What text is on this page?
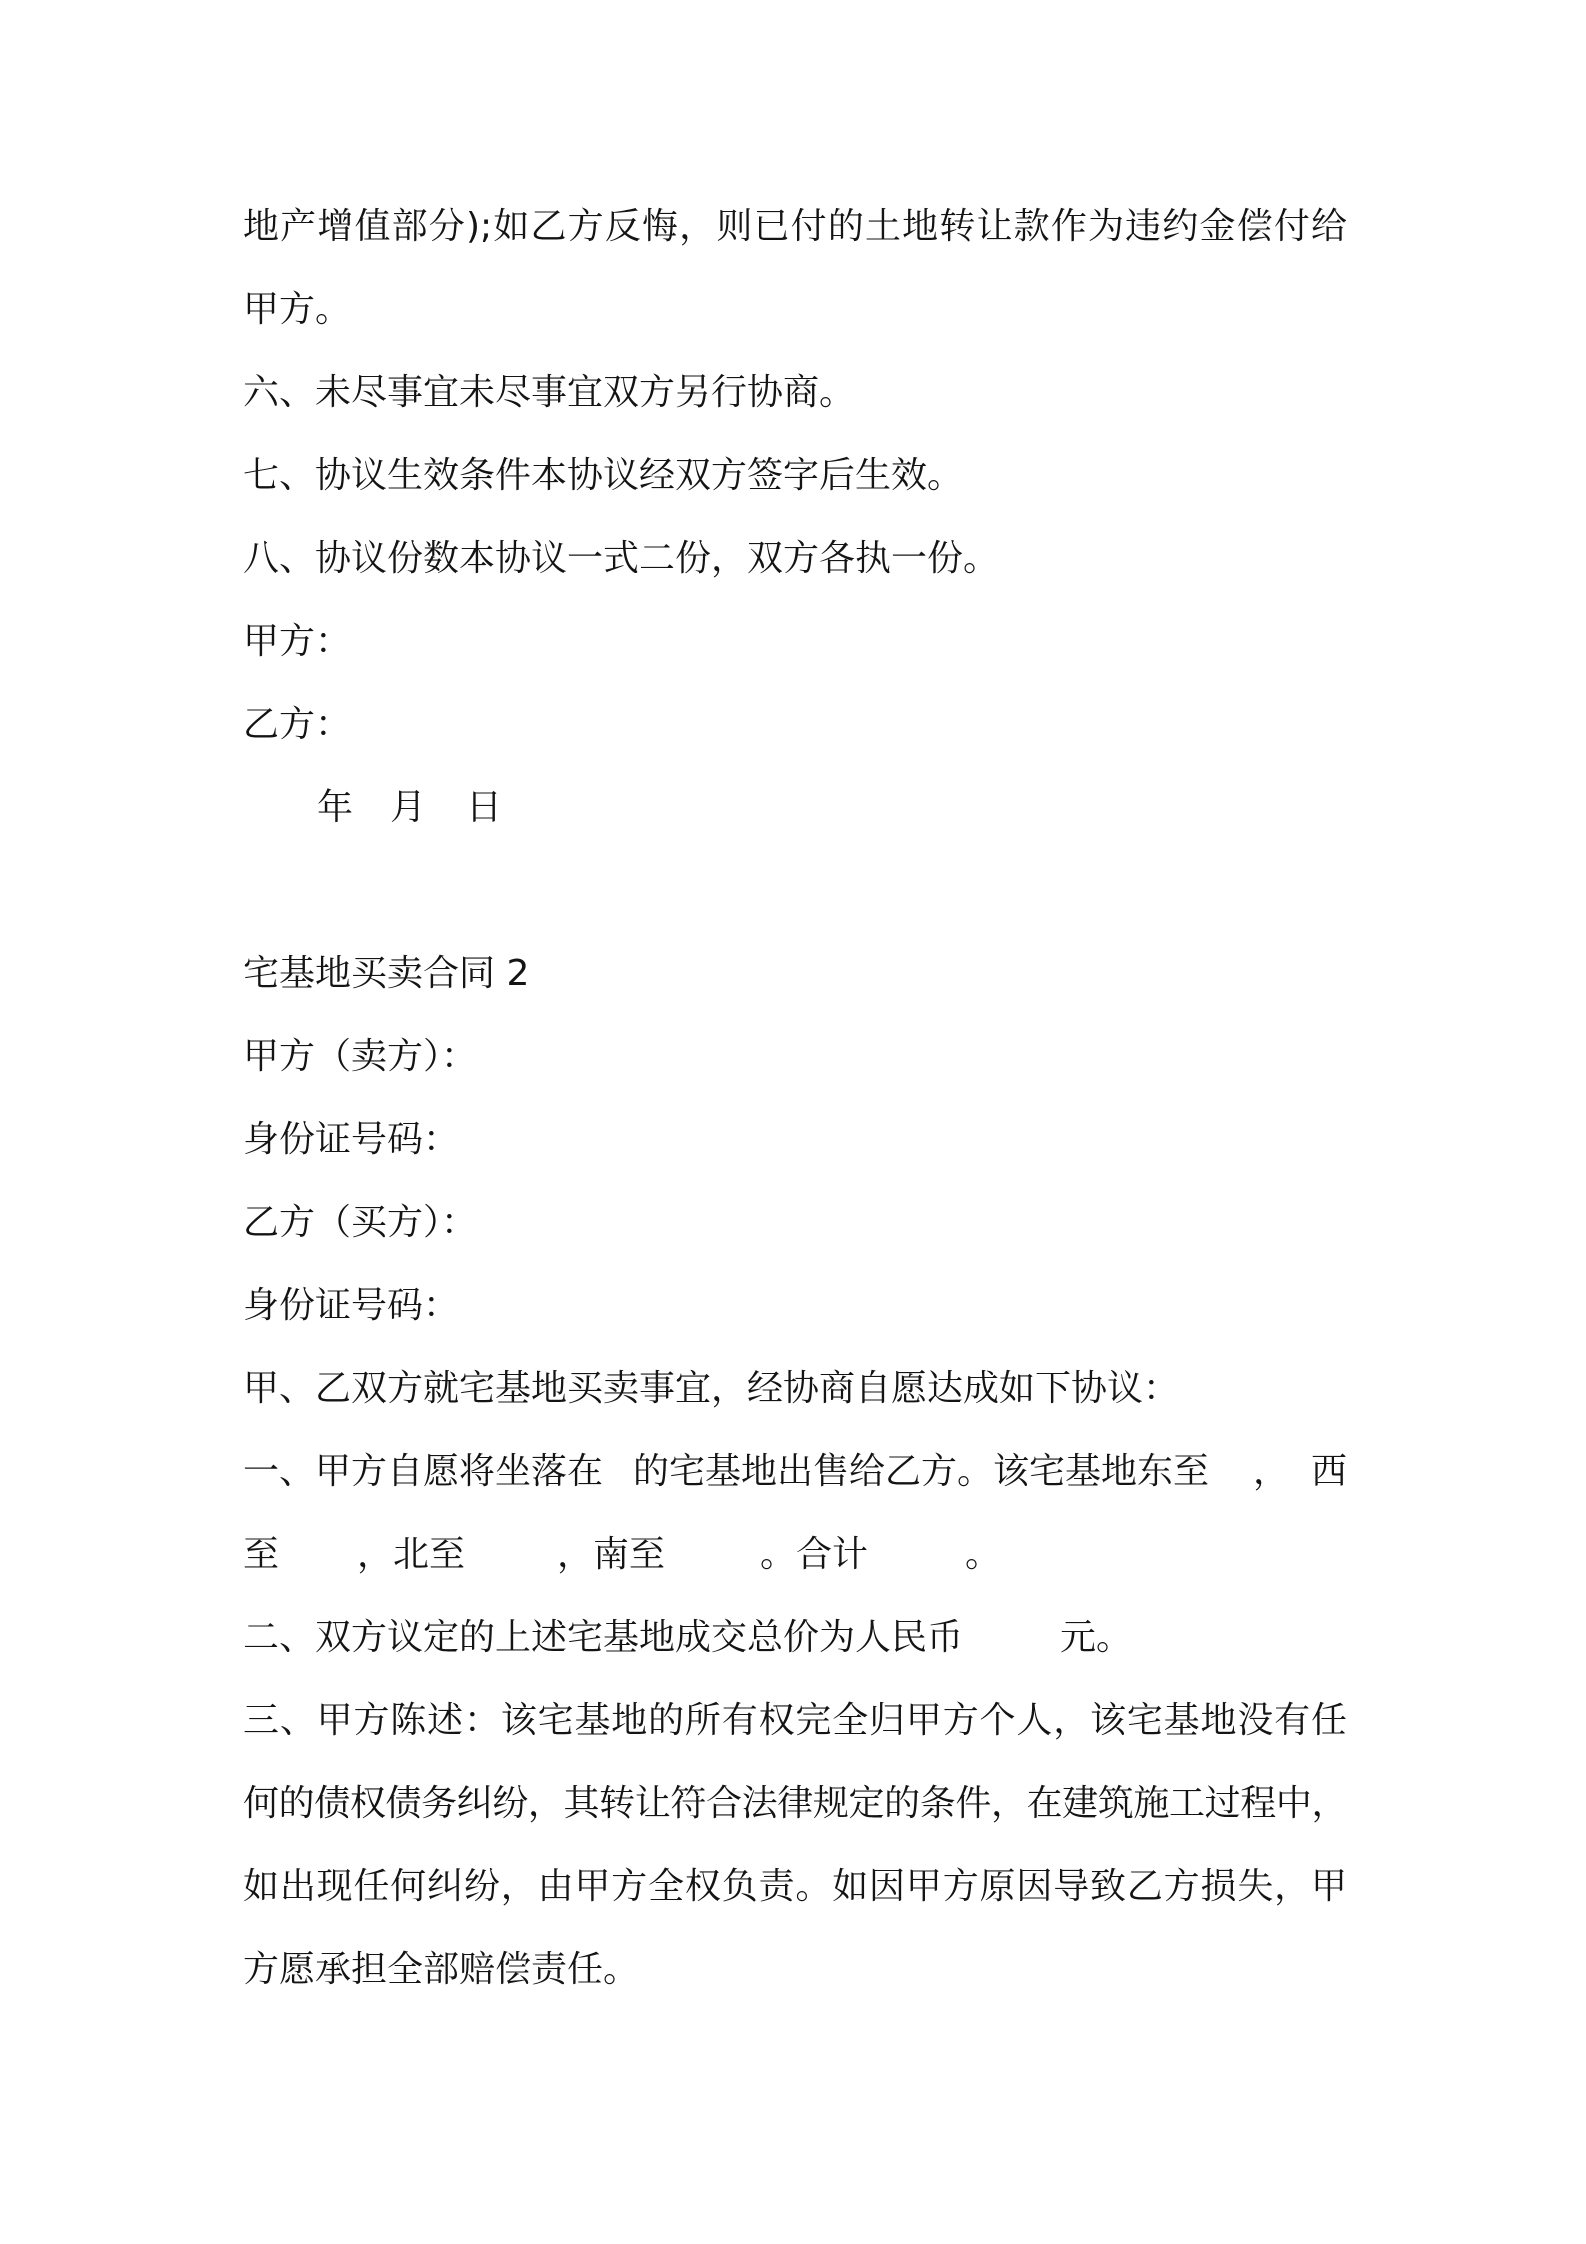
地产增值部分);如乙方反悔，则已付的土地转让款作为违约金偿付给
甲方。
六、未尽事宜未尽事宜双方另行协商。
七、协议生效条件本协议经双方签字后生效。
八、协议份数本协议一式二份，双方各执一份。
甲方：
乙方：
年 月 日
宅基地买卖合同 2
甲方（卖方）：
身份证号码：
乙方（买方）：
身份证号码：
甲、乙双方就宅基地买卖事宜，经协商自愿达成如下协议：
一、甲方自愿将坐落在 的宅基地出售给乙方。该宅基地东至 ， 西
至 ，北至	，南至	。合计	。
二、双方议定的上述宅基地成交总价为人民币	元。
三、甲方陈述：该宅基地的所有权完全归甲方个人，该宅基地没有任
何的债权债务纠纷，其转让符合法律规定的条件，在建筑施工过程中，
如出现任何纠纷，由甲方全权负责。如因甲方原因导致乙方损失，甲
方愿承担全部赔偿责任。
